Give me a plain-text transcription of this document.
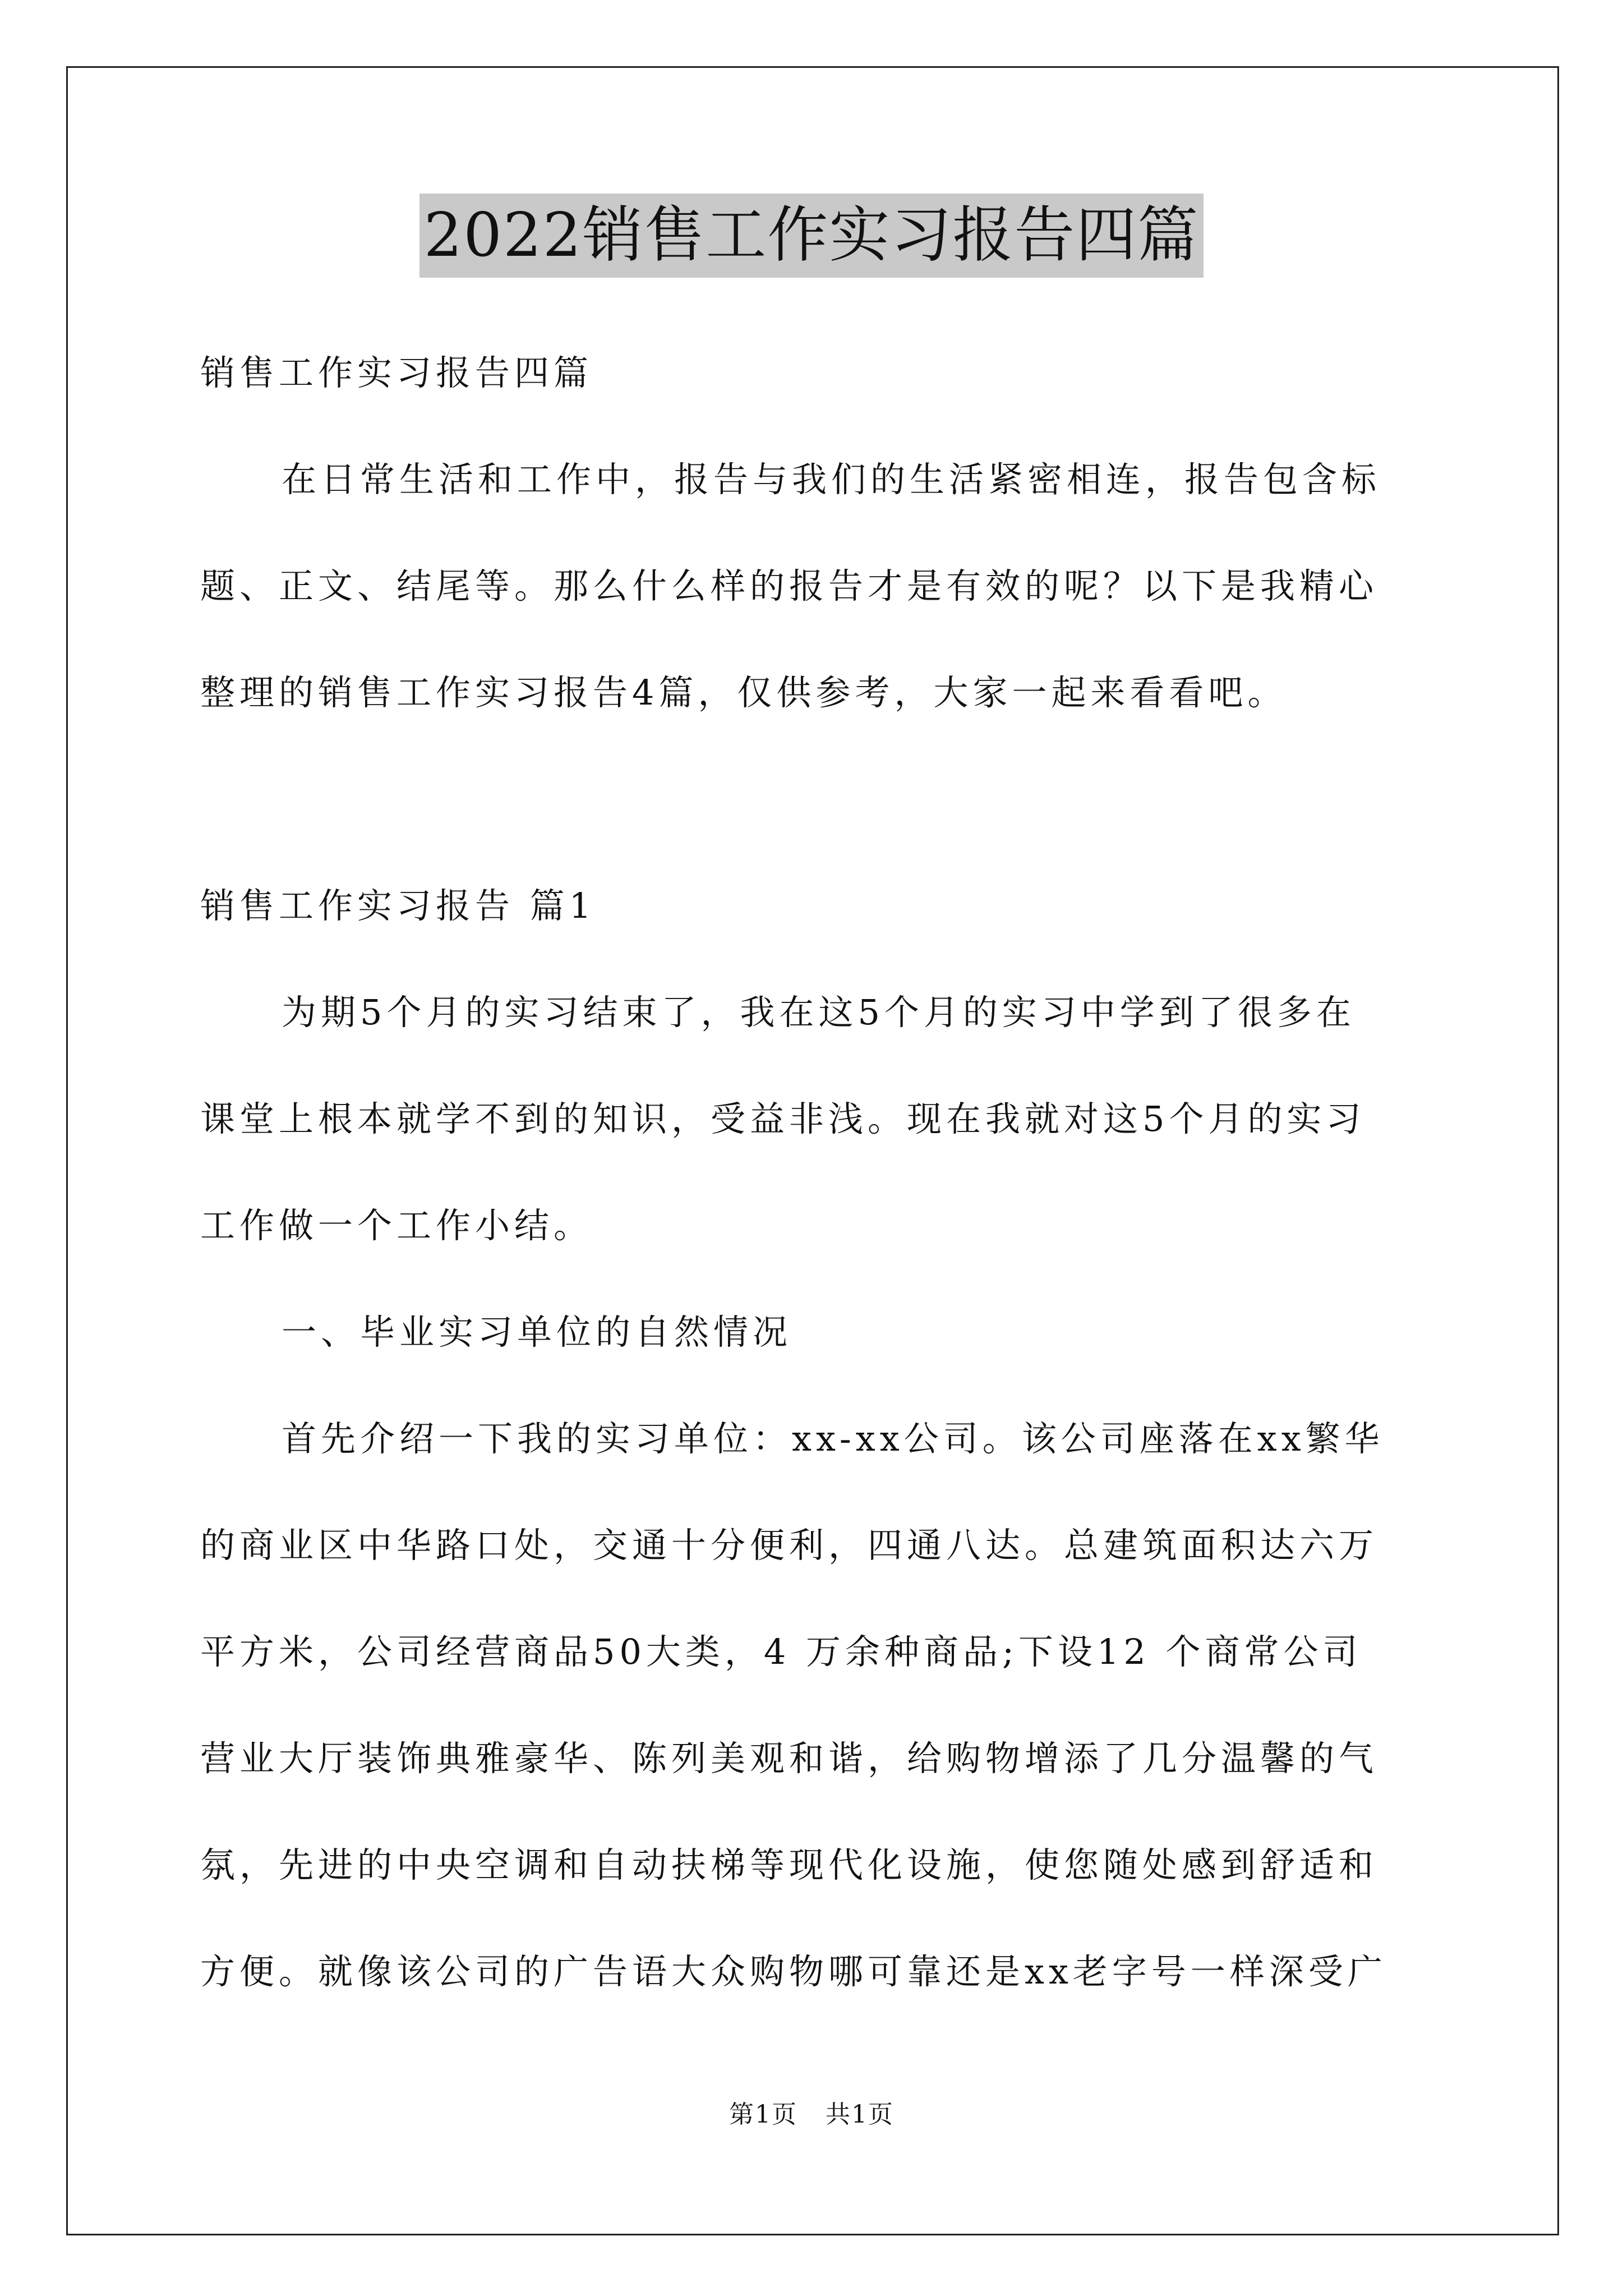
2022销售工作实习报告四篇
销售工作实习报告四篇
在日常生活和工作中，报告与我们的生活紧密相连，报告包含标
题、正文、结尾等。那么什么样的报告才是有效的呢？以下是我精心
整理的销售工作实习报告4篇，仅供参考，大家一起来看看吧。
销售工作实习报告 篇1
为期5个月的实习结束了，我在这5个月的实习中学到了很多在
课堂上根本就学不到的知识，受益非浅。现在我就对这5个月的实习
工作做一个工作小结。
一、毕业实习单位的自然情况
首先介绍一下我的实习单位：xx-xx公司。该公司座落在xx繁华
的商业区中华路口处，交通十分便利，四通八达。总建筑面积达六万
平方米，公司经营商品50大类，4 万余种商品;下设12 个商常公司
营业大厅装饰典雅豪华、陈列美观和谐，给购物增添了几分温馨的气
氛，先进的中央空调和自动扶梯等现代化设施，使您随处感到舒适和
方便。就像该公司的广告语大众购物哪可靠还是xx老字号一样深受广
第1页 共1页
